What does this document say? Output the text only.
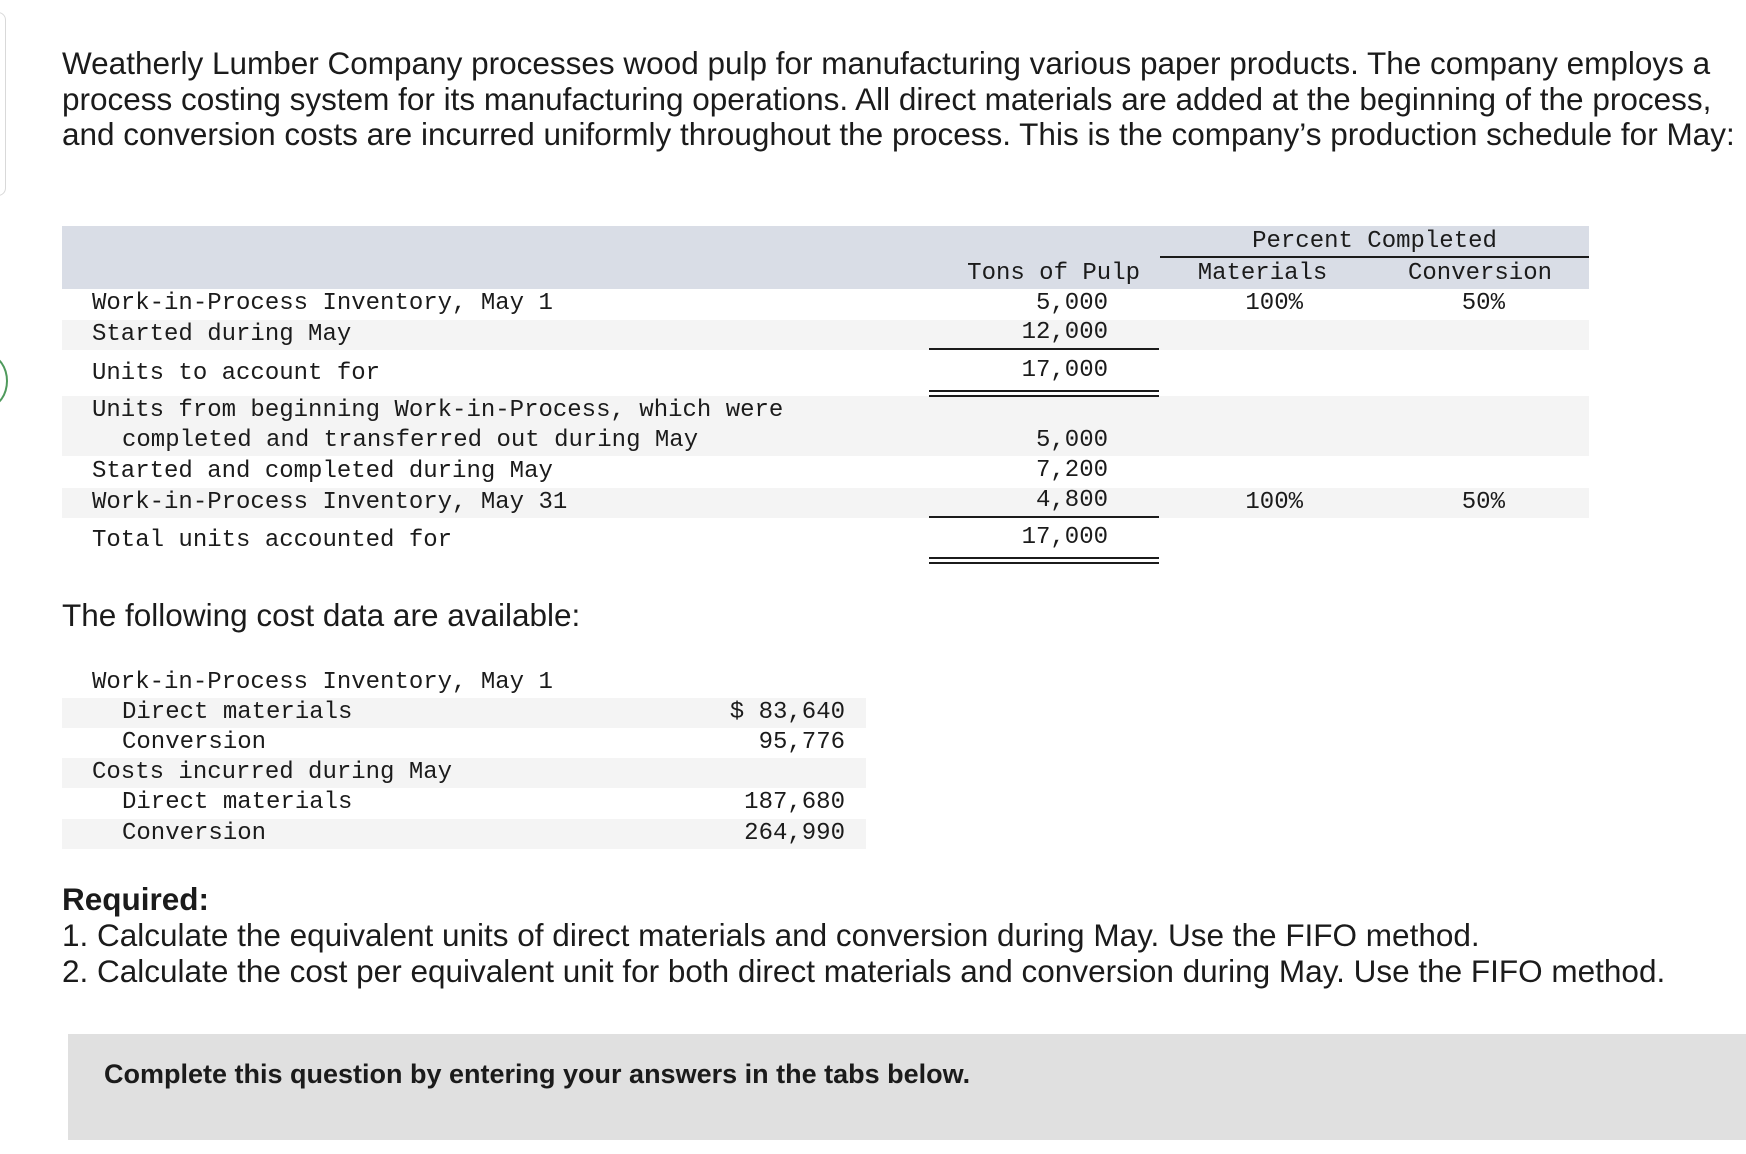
Weatherly Lumber Company processes wood pulp for manufacturing various paper products. The company employs a process costing system for its manufacturing operations. All direct materials are added at the beginning of the process, and conversion costs are incurred uniformly throughout the process. This is the company’s production schedule for May:

Percent Completed
Tons of Pulp	Materials	Conversion
Work-in-Process Inventory, May 1	5,000	100%	50%
Started during May	12,000
Units to account for	17,000
Units from beginning Work-in-Process, which were
completed and transferred out during May	5,000
Started and completed during May	7,200
Work-in-Process Inventory, May 31	4,800	100%	50%
Total units accounted for	17,000
The following cost data are available:
Work-in-Process Inventory, May 1
Direct materials	$ 83,640
Conversion	95,776
Costs incurred during May
Direct materials	187,680
Conversion	264,990
Required:
1. Calculate the equivalent units of direct materials and conversion during May. Use the FIFO method.
2. Calculate the cost per equivalent unit for both direct materials and conversion during May. Use the FIFO method.
Complete this question by entering your answers in the tabs below.
